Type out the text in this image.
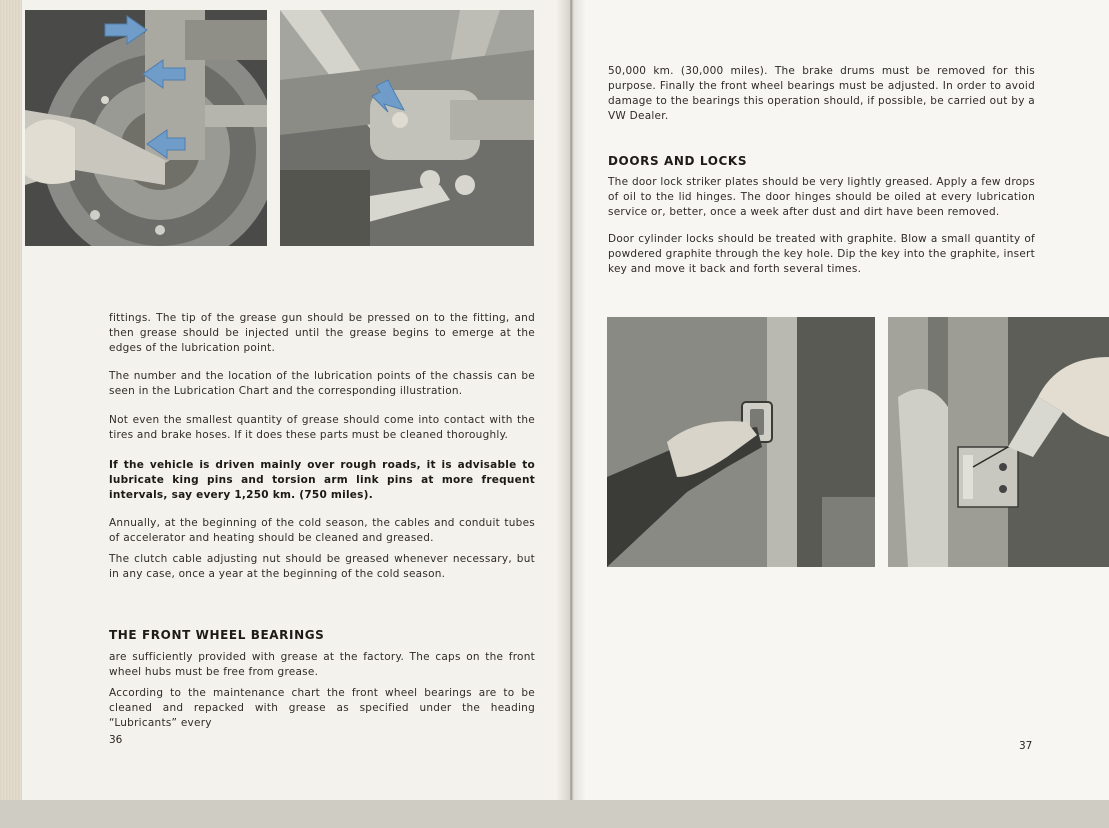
fittings. The tip of the grease gun should be pressed on to the fitting, and then grease should be injected until the grease begins to emerge at the edges of the lubrication point.

The number and the location of the lubrication points of the chassis can be seen in the Lubrication Chart and the corresponding illustration.

Not even the smallest quantity of grease should come into contact with the tires and brake hoses. If it does these parts must be cleaned thoroughly.

If the vehicle is driven mainly over rough roads, it is advisable to lubricate king pins and torsion arm link pins at more frequent intervals, say every 1,250 km. (750 miles).

Annually, at the beginning of the cold season, the cables and conduit tubes of accelerator and heating should be cleaned and greased.

The clutch cable adjusting nut should be greased whenever necessary, but in any case, once a year at the beginning of the cold season.

THE FRONT WHEEL BEARINGS

are sufficiently provided with grease at the factory. The caps on the front wheel hubs must be free from grease.

According to the maintenance chart the front wheel bearings are to be cleaned and repacked with grease as specified under the heading “Lubricants” every

36

50,000 km. (30,000 miles). The brake drums must be removed for this purpose. Finally the front wheel bearings must be adjusted. In order to avoid damage to the bearings this operation should, if possible, be carried out by a VW Dealer.

DOORS AND LOCKS

The door lock striker plates should be very lightly greased. Apply a few drops of oil to the lid hinges. The door hinges should be oiled at every lubrication service or, better, once a week after dust and dirt have been removed.

Door cylinder locks should be treated with graphite. Blow a small quantity of powdered graphite through the key hole. Dip the key into the graphite, insert key and move it back and forth several times.

37
